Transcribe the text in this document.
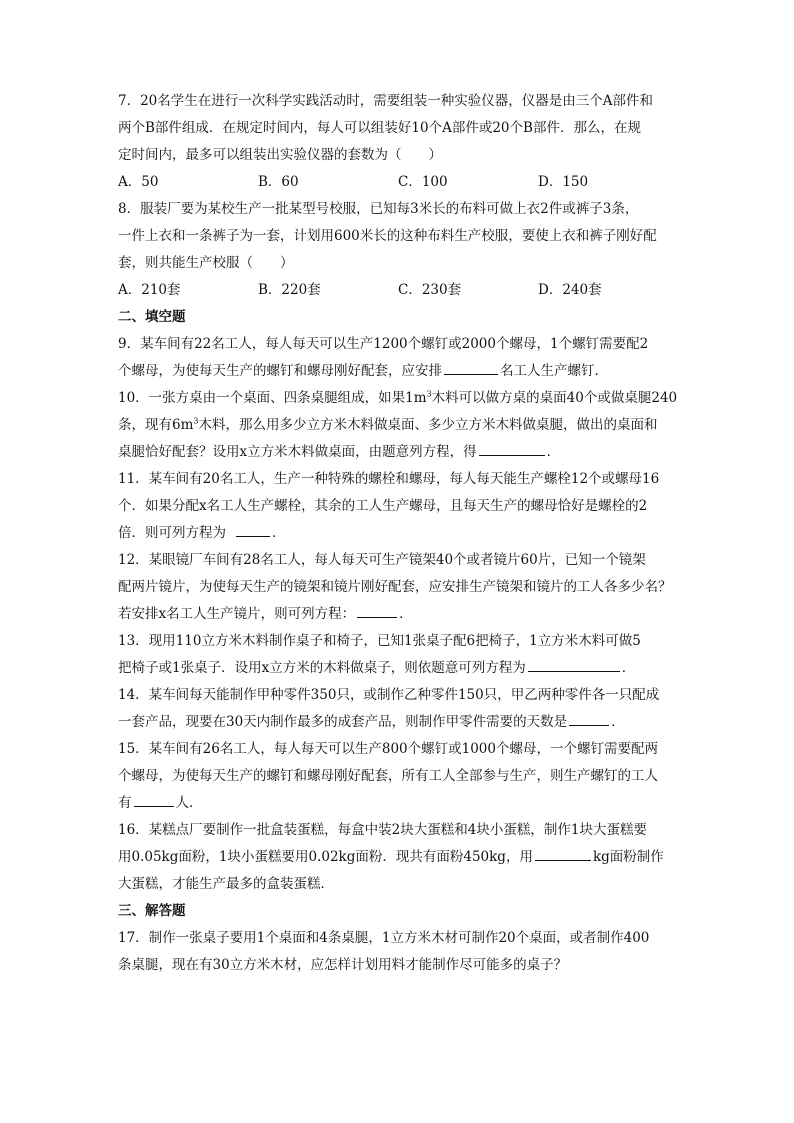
7．20名学生在进行一次科学实践活动时，需要组装一种实验仪器，仪器是由三个A部件和
两个B部件组成．在规定时间内，每人可以组装好10个A部件或20个B部件．那么，在规
定时间内，最多可以组装出实验仪器的套数为（　　）
A．50	B．60	C．100	D．150
8．服装厂要为某校生产一批某型号校服，已知每3米长的布料可做上衣2件或裤子3条，
一件上衣和一条裤子为一套，计划用600米长的这种布料生产校服，要使上衣和裤子刚好配
套，则共能生产校服（　　）
A．210套	B．220套	C．230套	D．240套
二、填空题
9．某车间有22名工人，每人每天可以生产1200个螺钉或2000个螺母，1个螺钉需要配2
个螺母，为使每天生产的螺钉和螺母刚好配套，应安排	名工人生产螺钉．
10．一张方桌由一个桌面、四条桌腿组成，如果$1m^3$木料可以做方桌的桌面40个或做桌腿240
条，现有$6m^3$木料，那么用多少立方米木料做桌面、多少立方米木料做桌腿，做出的桌面和
桌腿恰好配套？设用x立方米木料做桌面，由题意列方程，得	．
11．某车间有20名工人，生产一种特殊的螺栓和螺母，每人每天能生产螺栓12个或螺母16
个．如果分配x名工人生产螺栓，其余的工人生产螺母，且每天生产的螺母恰好是螺栓的2
倍．则可列方程为	．
12．某眼镜厂车间有28名工人，每人每天可生产镜架40个或者镜片60片，已知一个镜架
配两片镜片，为使每天生产的镜架和镜片刚好配套，应安排生产镜架和镜片的工人各多少名？
若安排x名工人生产镜片，则可列方程：	．
13．现用110立方米木料制作桌子和椅子，已知1张桌子配6把椅子，1立方米木料可做5
把椅子或1张桌子．设用x立方米的木料做桌子，则依题意可列方程为	．
14．某车间每天能制作甲种零件350只，或制作乙种零件150只，甲乙两种零件各一只配成
一套产品，现要在30天内制作最多的成套产品，则制作甲零件需要的天数是	．
15．某车间有26名工人，每人每天可以生产800个螺钉或1000个螺母，一个螺钉需要配两
个螺母，为使每天生产的螺钉和螺母刚好配套，所有工人全部参与生产，则生产螺钉的工人
有	人．
16．某糕点厂要制作一批盒装蛋糕，每盒中装2块大蛋糕和4块小蛋糕，制作1块大蛋糕要
用0.05kg面粉，1块小蛋糕要用0.02kg面粉．现共有面粉450kg，用	kg面粉制作
大蛋糕，才能生产最多的盒装蛋糕．
三、解答题
17．制作一张桌子要用1个桌面和4条桌腿，1立方米木材可制作20个桌面，或者制作400
条桌腿，现在有30立方米木材，应怎样计划用料才能制作尽可能多的桌子？
